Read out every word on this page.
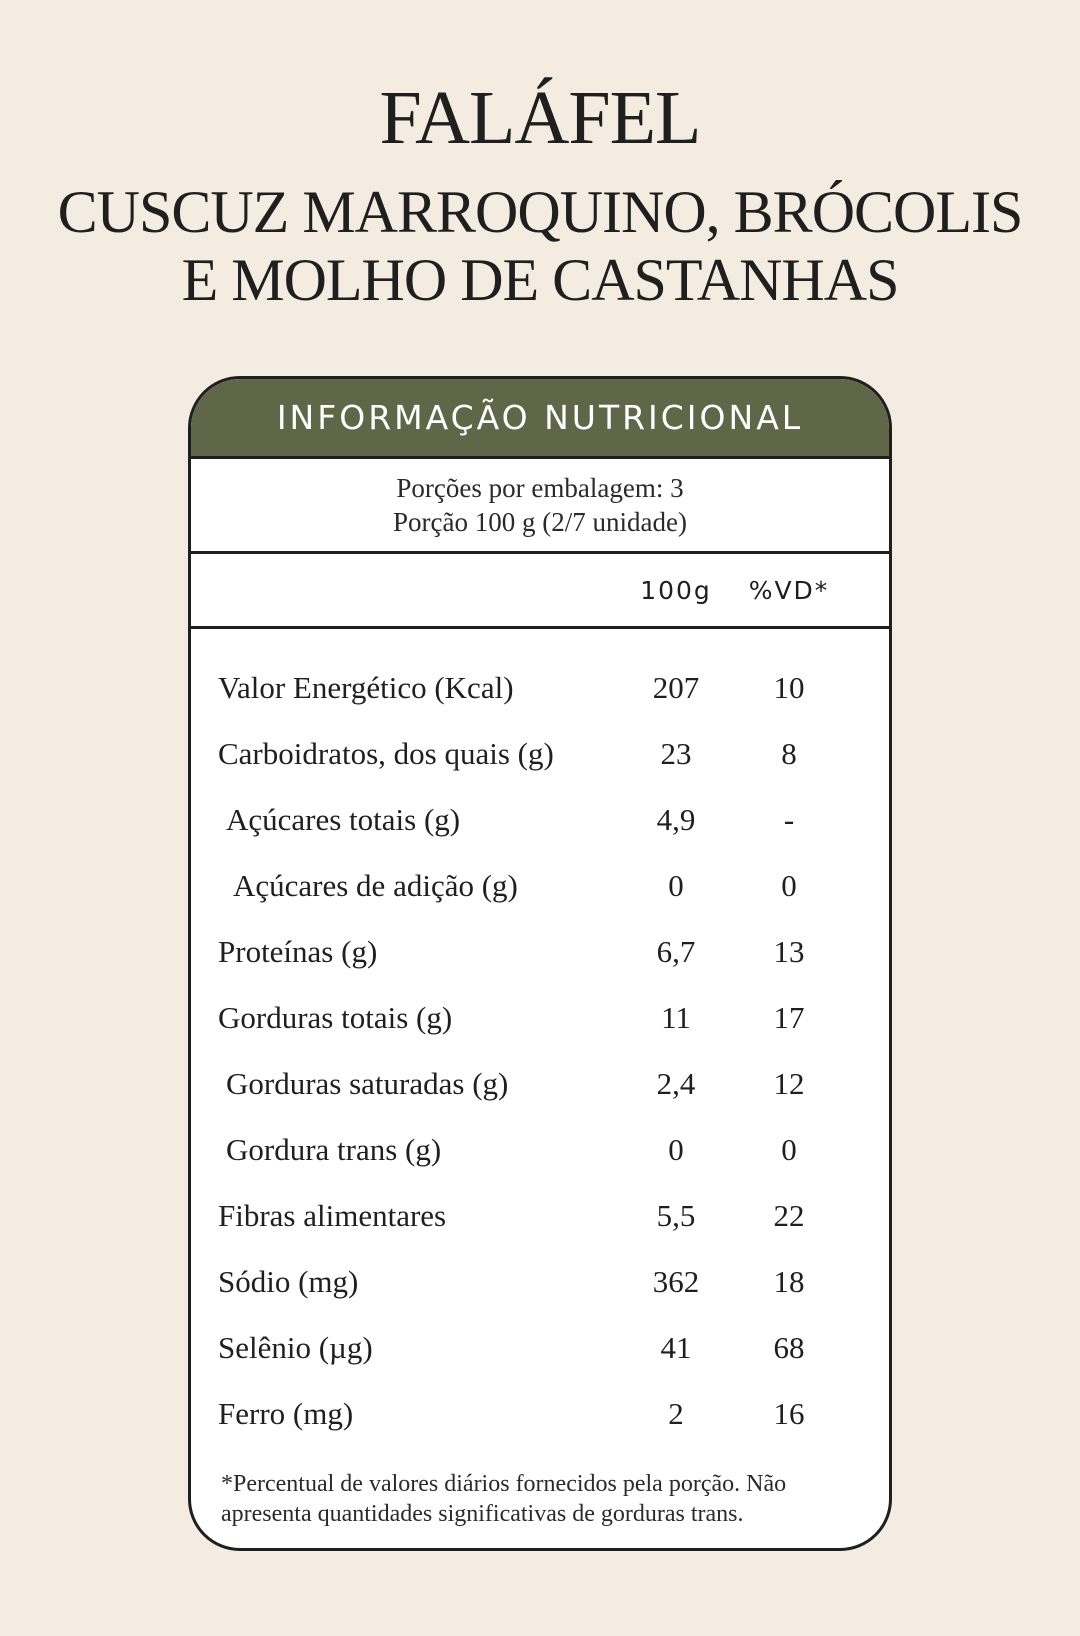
FALÁFEL
CUSCUZ MARROQUINO, BRÓCOLIS
E MOLHO DE CASTANHAS
INFORMAÇÃO NUTRICIONAL
Porções por embalagem: 3
Porção 100 g (2/7 unidade)
100g	%VD*
Valor Energético (Kcal)	207	10
Carboidratos, dos quais (g)	23	8
Açúcares totais (g)	4,9	-
Açúcares de adição (g)	0	0
Proteínas (g)	6,7	13
Gorduras totais (g)	11	17
Gorduras saturadas (g)	2,4	12
Gordura trans (g)	0	0
Fibras alimentares	5,5	22
Sódio (mg)	362	18
Selênio (µg)	41	68
Ferro (mg)	2	16
*Percentual de valores diários fornecidos pela porção. Não apresenta quantidades significativas de gorduras trans.
